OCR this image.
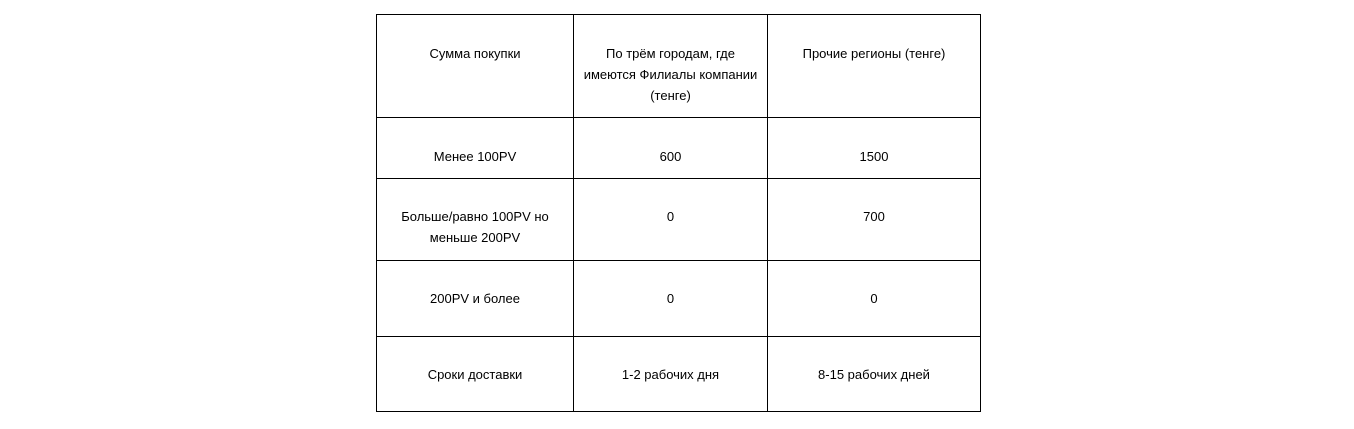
Сумма покупки	По трём городам, где имеются Филиалы компании (тенге)	Прочие регионы (тенге)
Менее 100PV	600	1500
Больше/равно 100PV но меньше 200PV	0	700
200PV и более	0	0
Сроки доставки	1-2 рабочих дня	8-15 рабочих дней
